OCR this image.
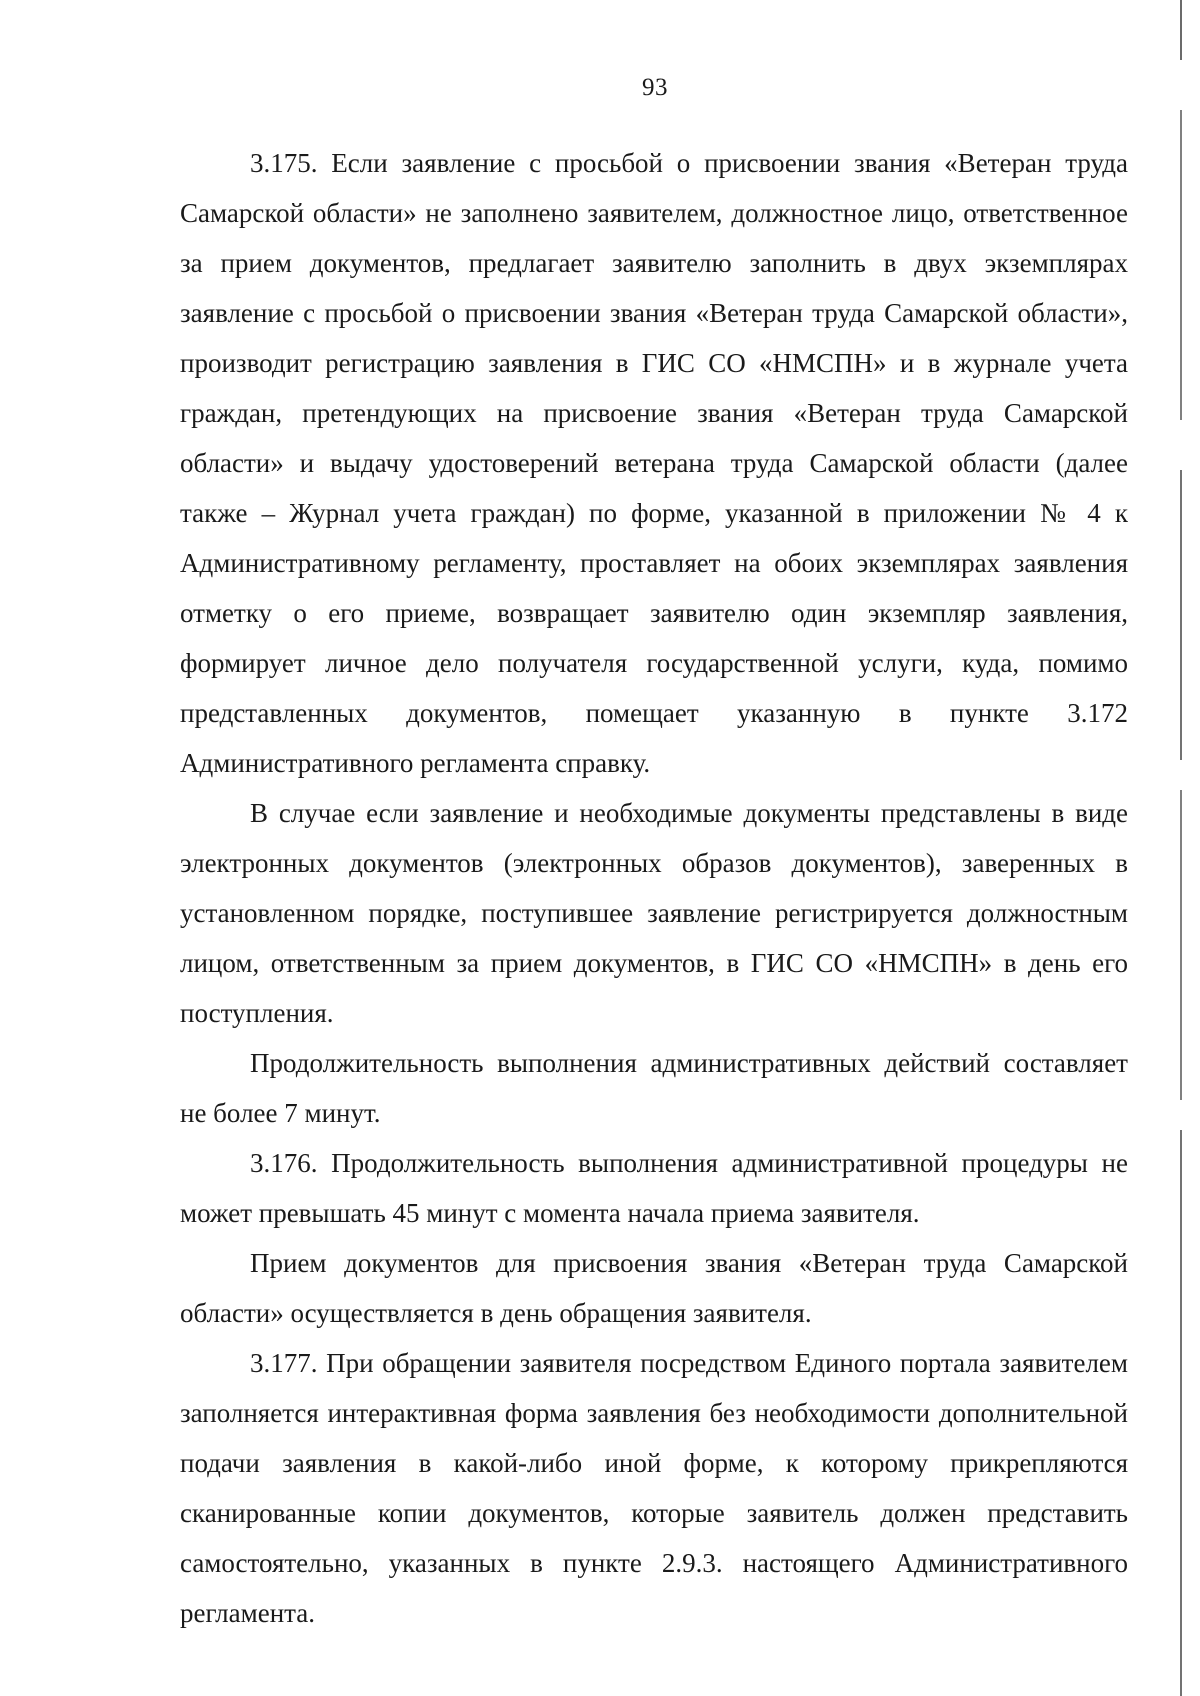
93

3.175. Если заявление с просьбой о присвоении звания «Ветеран труда Самарской области» не заполнено заявителем, должностное лицо, ответственное за прием документов, предлагает заявителю заполнить в двух экземплярах заявление с просьбой о присвоении звания «Ветеран труда Самарской области», производит регистрацию заявления в ГИС СО «НМСПН» и в журнале учета граждан, претендующих на присвоение звания «Ветеран труда Самарской области» и выдачу удостоверений ветерана труда Самарской области (далее также – Журнал учета граждан) по форме, указанной в приложении № 4 к Административному регламенту, проставляет на обоих экземплярах заявления отметку о его приеме, возвращает заявителю один экземпляр заявления, формирует личное дело получателя государственной услуги, куда, помимо представленных документов, помещает указанную в пункте 3.172 Административного регламента справку.

В случае если заявление и необходимые документы представлены в виде электронных документов (электронных образов документов), заверенных в установленном порядке, поступившее заявление регистрируется должностным лицом, ответственным за прием документов, в ГИС СО «НМСПН» в день его поступления.

Продолжительность выполнения административных действий составляет не более 7 минут.

3.176. Продолжительность выполнения административной процедуры не может превышать 45 минут с момента начала приема заявителя.

Прием документов для присвоения звания «Ветеран труда Самарской области» осуществляется в день обращения заявителя.

3.177. При обращении заявителя посредством Единого портала заявителем заполняется интерактивная форма заявления без необходимости дополнительной подачи заявления в какой-либо иной форме, к которому прикрепляются сканированные копии документов, которые заявитель должен представить самостоятельно, указанных в пункте 2.9.3. настоящего Административного регламента.
